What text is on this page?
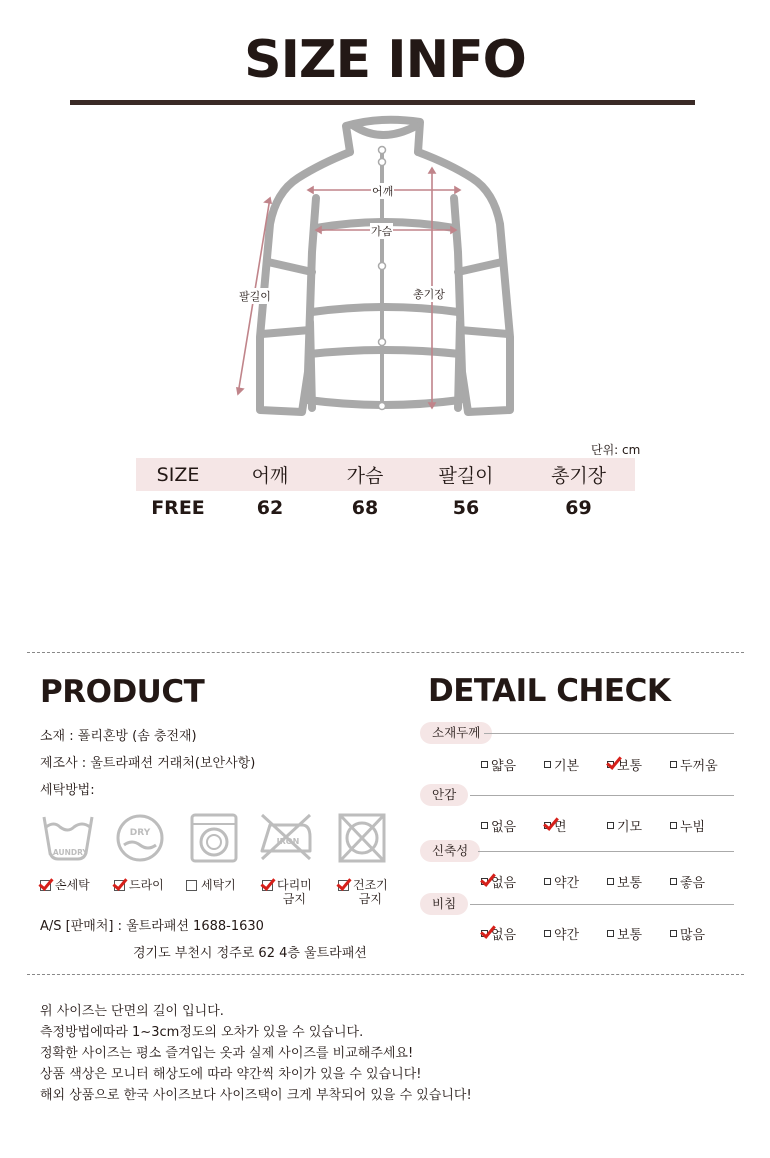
SIZE INFO
어깨
가슴
팔길이	총기장
단위: cm
SIZE	어깨	가슴	팔길이	총기장
FREE	62	68	56	69
PRODUCT
소재 : 폴리혼방 (솜 충전재)
제조사 : 울트라패션 거래처(보안사항)
세탁방법:
LAUNDRY
DRY
IRON
손세탁	드라이	세탁기	다리미
금지
건조기
금지
A/S [판매처] : 울트라패션 1688-1630
경기도 부천시 정주로 62 4층 울트라패션
DETAIL CHECK
소재두께
얇음	기본	보통	두꺼움
안감
없음	면	기모	누빔
신축성
없음	약간	보통	좋음
비침
없음	약간	보통	많음
위 사이즈는 단면의 길이 입니다.
측정방법에따라 1~3cm정도의 오차가 있을 수 있습니다.
정확한 사이즈는 평소 즐겨입는 옷과 실제 사이즈를 비교해주세요!
상품 색상은 모니터 해상도에 따라 약간씩 차이가 있을 수 있습니다!
해외 상품으로 한국 사이즈보다 사이즈택이 크게 부착되어 있을 수 있습니다!
